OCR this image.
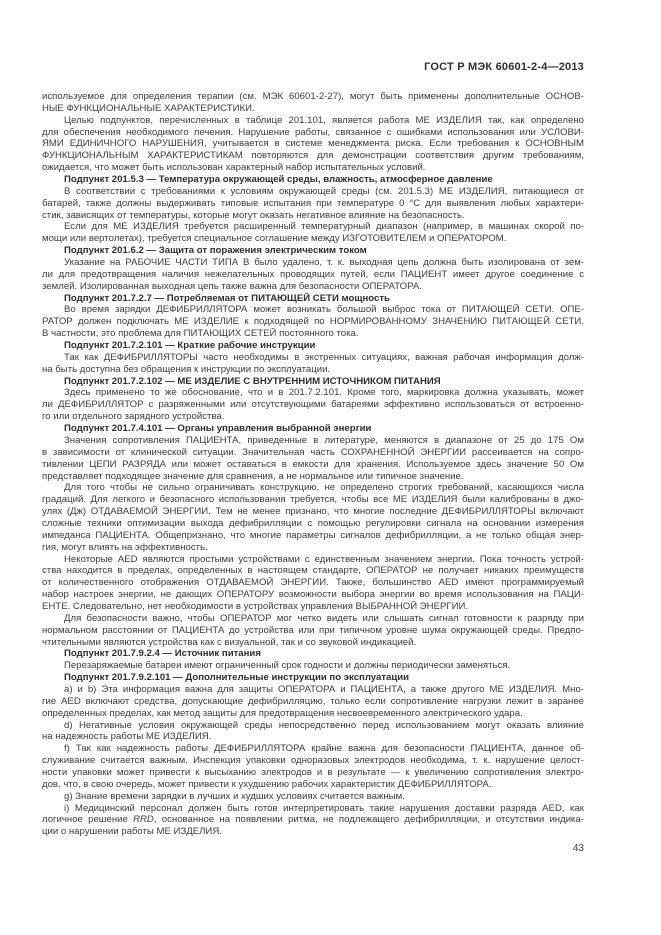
ГОСТ Р МЭК 60601-2-4—2013
используемое для определения терапии (см. МЭК 60601-2-27), могут быть применены дополнительные ОСНОВ-
НЫЕ ФУНКЦИОНАЛЬНЫЕ ХАРАКТЕРИСТИКИ.
Целью подпунктов, перечисленных в таблице 201.101, является работа МЕ ИЗДЕЛИЯ так, как определено
для обеспечения необходимого лечения. Нарушение работы, связанное с ошибками использования или УСЛОВИ-
ЯМИ ЕДИНИЧНОГО НАРУШЕНИЯ, учитывается в системе менеджмента риска. Если требования к ОСНОВНЫМ
ФУНКЦИОНАЛЬНЫМ ХАРАКТЕРИСТИКАМ повторяются для демонстрации соответствия другим требованиям,
ожидается, что может быть использован характерный набор испытательных условий.
Подпункт 201.5.3 — Температура окружающей среды, влажность, атмосферное давление
В соответствии с требованиями к условиям окружающей среды (см. 201.5.3) МЕ ИЗДЕЛИЯ, питающиеся от
батарей, также должны выдерживать типовые испытания при температуре 0 °C для выявления любых характери-
стик, зависящих от температуры, которые могут оказать негативное влияние на безопасность.
Если для МЕ ИЗДЕЛИЯ требуется расширенный температурный диапазон (например, в машинах скорой по-
мощи или вертолетах), требуется специальное соглашение между ИЗГОТОВИТЕЛЕМ и ОПЕРАТОРОМ.
Подпункт 201.6.2 — Защита от поражения электрическим током
Указание на РАБОЧИЕ ЧАСТИ ТИПА В было удалено, т. к. выходная цепь должна быть изолирована от зем-
ли для предотвращения наличия нежелательных проводящих путей, если ПАЦИЕНТ имеет другое соединение с
землей. Изолированная выходная цепь также важна для безопасности ОПЕРАТОРА.
Подпункт 201.7.2.7 — Потребляемая от ПИТАЮЩЕЙ СЕТИ мощность
Во время зарядки ДЕФИБРИЛЛЯТОРА может возникать большой выброс тока от ПИТАЮЩЕЙ СЕТИ. ОПЕ-
РАТОР должен подключать МЕ ИЗДЕЛИЕ к подходящей по НОРМИРОВАННОМУ ЗНАЧЕНИЮ ПИТАЮЩЕЙ СЕТИ.
В частности, это проблема для ПИТАЮЩИХ СЕТЕЙ постоянного тока.
Подпункт 201.7.2.101 — Краткие рабочие инструкции
Так как ДЕФИБРИЛЛЯТОРЫ часто необходимы в экстренных ситуациях, важная рабочая информация долж-
на быть доступна без обращения к инструкции по эксплуатации.
Подпункт 201.7.2.102 — МЕ ИЗДЕЛИЕ С ВНУТРЕННИМ ИСТОЧНИКОМ ПИТАНИЯ
Здесь применено то же обоснование, что и в 201.7.2.101. Кроме того, маркировка должна указывать, может
ли ДЕФИБРИЛЛЯТОР с разряженными или отсутствующими батареями эффективно использоваться от встроенно-
го или отдельного зарядного устройства.
Подпункт 201.7.4.101 — Органы управления выбранной энергии
Значения сопротивления ПАЦИЕНТА, приведенные в литературе, меняются в диапазоне от 25 до 175 Ом
в зависимости от клинической ситуации. Значительная часть СОХРАНЕННОЙ ЭНЕРГИИ рассеивается на сопро-
тивлении ЦЕПИ РАЗРЯДА или может оставаться в емкости для хранения. Используемое здесь значение 50 Ом
представляет подходящее значение для сравнения, а не нормальное или типичное значение.
Для того чтобы не сильно ограничивать конструкцию, не определено строгих требований, касающихся числа
градаций. Для легкого и безопасного использования требуется, чтобы все МЕ ИЗДЕЛИЯ были калиброваны в джо-
улях (Дж) ОТДАВАЕМОЙ ЭНЕРГИИ. Тем не менее признано, что многие последние ДЕФИБРИЛЛЯТОРЫ включают
сложные техники оптимизации выхода дефибрилляции с помощью регулировки сигнала на основании измерения
импеданса ПАЦИЕНТА. Общепризнано, что многие параметры сигналов дефибрилляции, а не только общая энер-
гия, могут влиять на эффективность.
Некоторые AED являются простыми устройствами с единственным значением энергии. Пока точность устрой-
ства находится в пределах, определенных в настоящем стандарте, ОПЕРАТОР не получает никаких преимуществ
от количественного отображения ОТДАВАЕМОЙ ЭНЕРГИИ. Также, большинство AED имеют программируемый
набор настроек энергии, не дающих ОПЕРАТОРУ возможности выбора энергии во время использования на ПАЦИ-
ЕНТЕ. Следовательно, нет необходимости в устройствах управления ВЫБРАННОЙ ЭНЕРГИИ.
Для безопасности важно, чтобы ОПЕРАТОР мог четко видеть или слышать сигнал готовности к разряду при
нормальном расстоянии от ПАЦИЕНТА до устройства или при типичном уровне шума окружающей среды. Предпо-
чтительными являются устройства как с визуальной, так и со звуковой индикацией.
Подпункт 201.7.9.2.4 — Источник питания
Перезаряжаемые батареи имеют ограниченный срок годности и должны периодически заменяться.
Подпункт 201.7.9.2.101 — Дополнительные инструкции по эксплуатации
a) и b) Эта информация важна для защиты ОПЕРАТОРА и ПАЦИЕНТА, а также другого МЕ ИЗДЕЛИЯ. Мно-
гие AED включают средства, допускающие дефибрилляцию, только если сопротивление нагрузки лежит в заранее
определенных пределах, как метод защиты для предотвращения несвоевременного электрического удара.
d) Негативные условия окружающей среды непосредственно перед использованием могут оказать влияние
на надежность работы МЕ ИЗДЕЛИЯ.
f) Так как надежность работы ДЕФИБРИЛЛЯТОРА крайне важна для безопасности ПАЦИЕНТА, данное об-
служивание считается важным. Инспекция упаковки одноразовых электродов необходима, т. к. нарушение целост-
ности упаковки может привести к высыханию электродов и в результате — к увеличению сопротивления электро-
дов, что, в свою очередь, может привести к ухудшению рабочих характеристик ДЕФИБРИЛЛЯТОРА.
g) Знание времени зарядки в лучших и худших условиях считается важным.
i) Медицинский персонал должен быть готов интерпретировать такие нарушения доставки разряда AED, как
логичное решение RRD, основанное на появлении ритма, не подлежащего дефибрилляции, и отсутствии индика-
ции о нарушении работы МЕ ИЗДЕЛИЯ.
43
